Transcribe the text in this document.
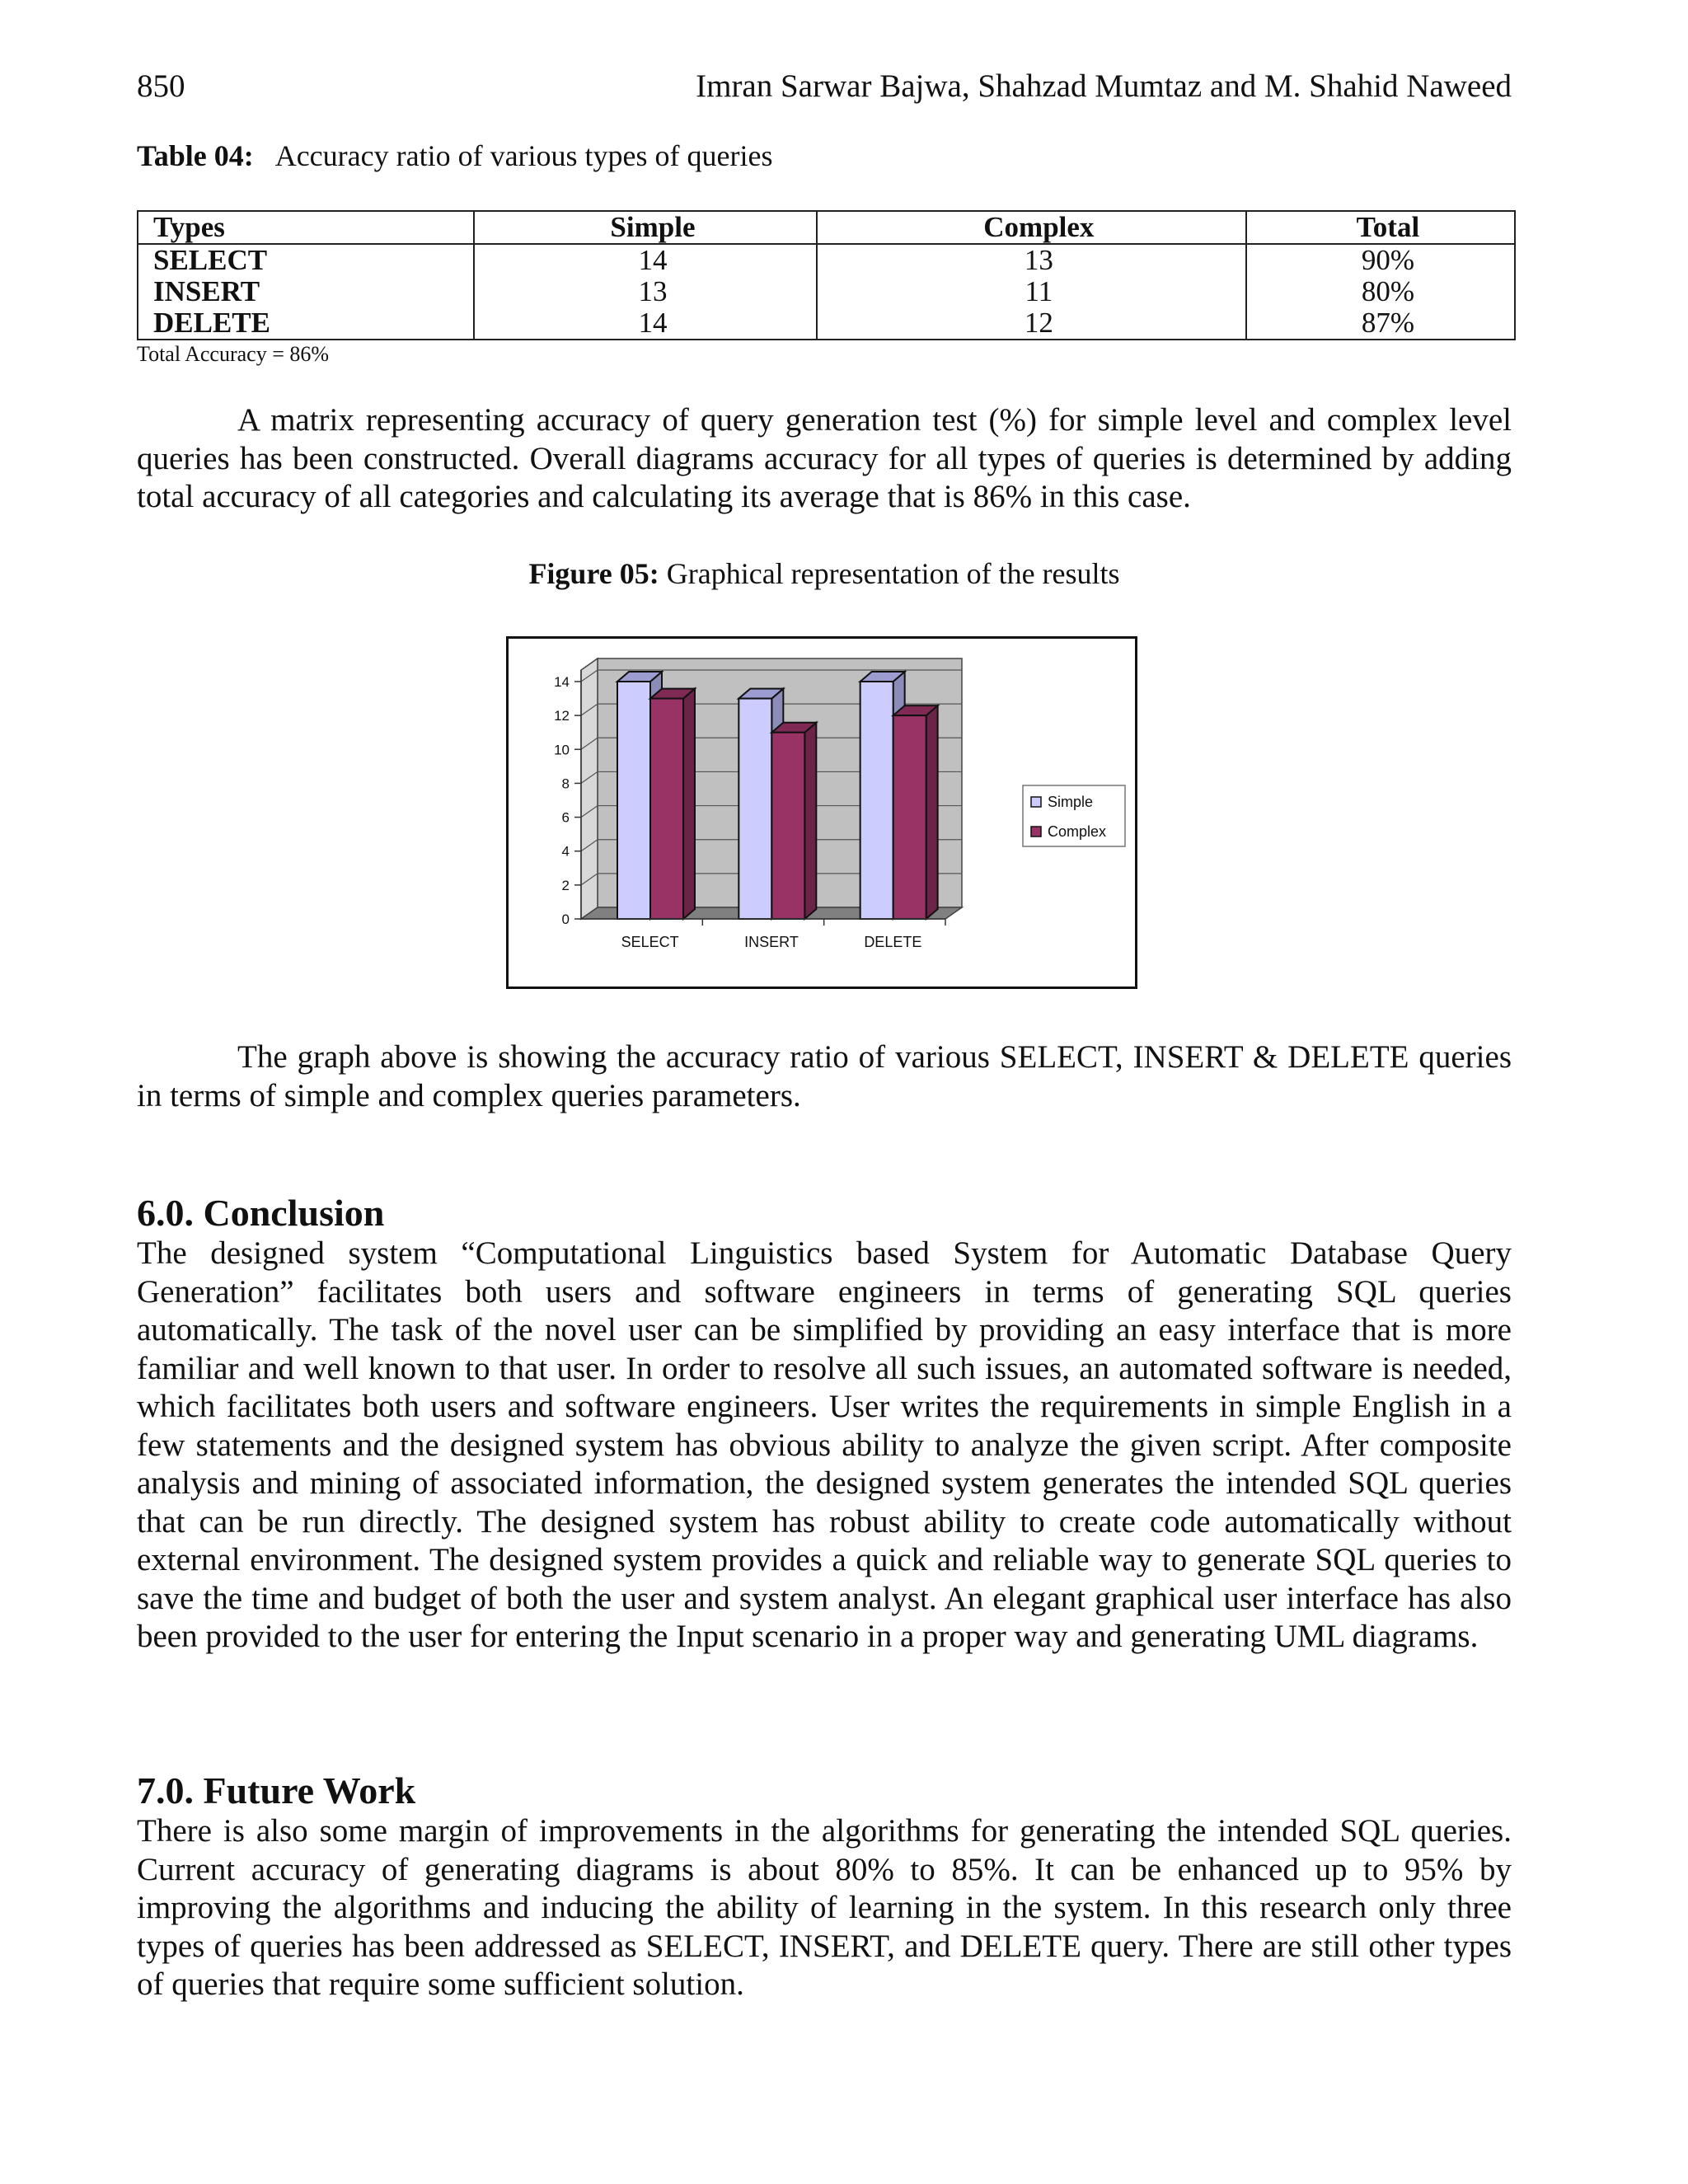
850	Imran Sarwar Bajwa, Shahzad Mumtaz and M. Shahid Naweed
Table 04: Accuracy ratio of various types of queries
Types	Simple	Complex	Total
SELECT	14	13	90%
INSERT	13	11	80%
DELETE	14	12	87%
Total Accuracy = 86%

A matrix representing accuracy of query generation test (%) for simple level and complex level queries has been constructed. Overall diagrams accuracy for all types of queries is determined by adding total accuracy of all categories and calculating its average that is 86% in this case.

Figure 05: Graphical representation of the results

The graph above is showing the accuracy ratio of various SELECT, INSERT & DELETE queries in terms of simple and complex queries parameters.

6.0. Conclusion

The designed system “Computational Linguistics based System for Automatic Database Query Generation” facilitates both users and software engineers in terms of generating SQL queries automatically. The task of the novel user can be simplified by providing an easy interface that is more familiar and well known to that user. In order to resolve all such issues, an automated software is needed, which facilitates both users and software engineers. User writes the requirements in simple English in a few statements and the designed system has obvious ability to analyze the given script. After composite analysis and mining of associated information, the designed system generates the intended SQL queries that can be run directly. The designed system has robust ability to create code automatically without external environment. The designed system provides a quick and reliable way to generate SQL queries to save the time and budget of both the user and system analyst. An elegant graphical user interface has also been provided to the user for entering the Input scenario in a proper way and generating UML diagrams.

7.0. Future Work

There is also some margin of improvements in the algorithms for generating the intended SQL queries. Current accuracy of generating diagrams is about 80% to 85%. It can be enhanced up to 95% by improving the algorithms and inducing the ability of learning in the system. In this research only three types of queries has been addressed as SELECT, INSERT, and DELETE query. There are still other types of queries that require some sufficient solution.

0
2
4
6
8
10
12
14
SELECT	INSERT	DELETE
Simple
Complex
